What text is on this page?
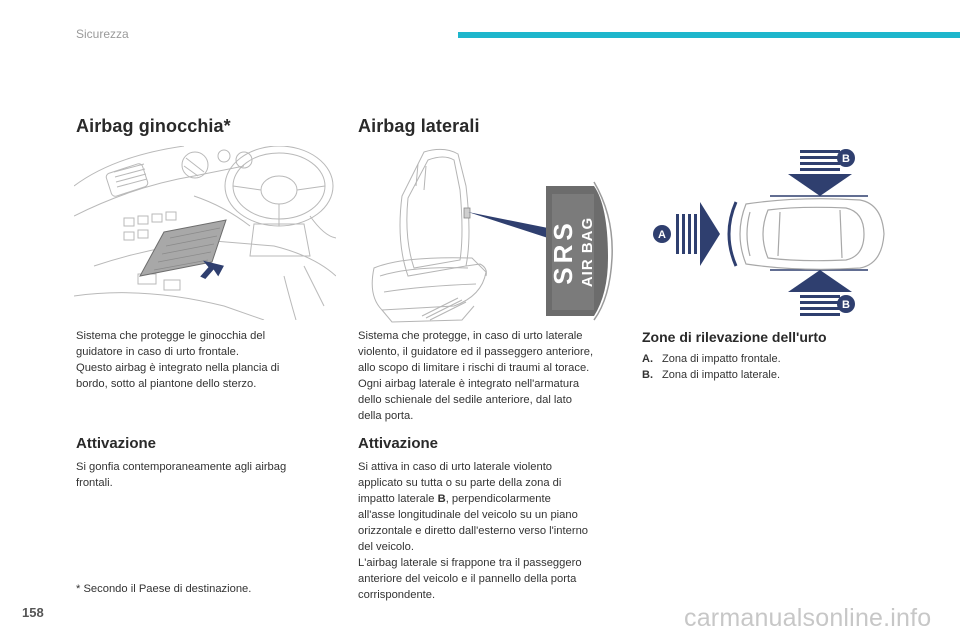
Sicurezza
Airbag ginocchia*

Sistema che protegge le ginocchia del

guidatore in caso di urto frontale.

Questo airbag è integrato nella plancia di

bordo, sotto al piantone dello sterzo.

Attivazione

Si gonfia contemporaneamente agli airbag

frontali.

* Secondo il Paese di destinazione.
Airbag laterali
SRS AIR BAG

Sistema che protegge, in caso di urto laterale

violento, il guidatore ed il passeggero anteriore,

allo scopo di limitare i rischi di traumi al torace.

Ogni airbag laterale è integrato nell'armatura

dello schienale del sedile anteriore, dal lato

della porta.

Attivazione

Si attiva in caso di urto laterale violento

applicato su tutta o su parte della zona di

impatto laterale B, perpendicolarmente

all'asse longitudinale del veicolo su un piano

orizzontale e diretto dall'esterno verso l'interno

del veicolo.

L'airbag laterale si frappone tra il passeggero

anteriore del veicolo e il pannello della porta

corrispondente.

B
B
A
Zone di rilevazione dell'urto
A. Zona di impatto frontale.
B. Zona di impatto laterale.
158	carmanualsonline.info
